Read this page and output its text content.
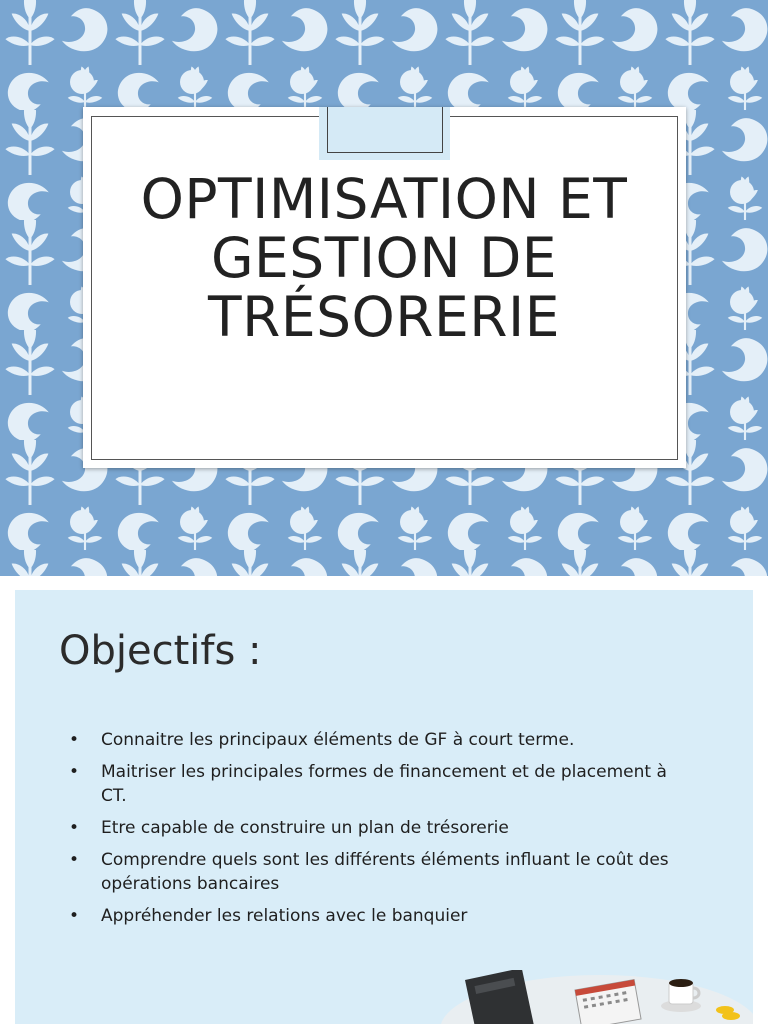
OPTIMISATION ET
GESTION DE
TRÉSORERIE
Objectifs :
• Connaitre les principaux éléments de GF à court terme.
• Maitriser les principales formes de financement et de placement à CT.
• Etre capable de construire un plan de trésorerie
• Comprendre quels sont les différents éléments influant le coût des opérations bancaires
• Appréhender les relations avec le banquier
